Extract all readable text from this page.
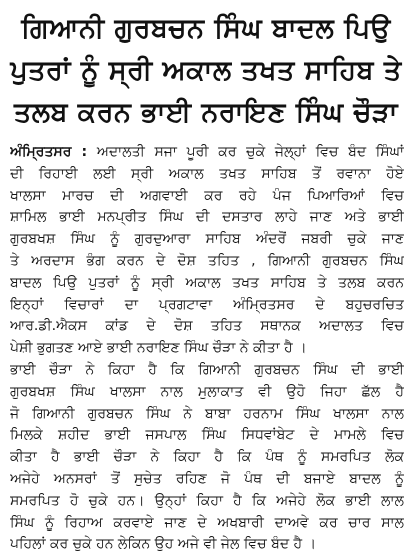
ਗਿਆਨੀ ਗੁਰਬਚਨ ਸਿੰਘ ਬਾਦਲ ਪਿਉ
ਪੁਤਰਾਂ ਨੂੰ ਸ੍ਰੀ ਅਕਾਲ ਤਖਤ ਸਾਹਿਬ ਤੇ
ਤਲਬ ਕਰਨ ਭਾਈ ਨਰਾਇਣ ਸਿੰਘ ਚੌੜਾ
ਅੰਮ੍ਰਿਤਸਰ : ਅਦਾਲਤੀ ਸਜਾ ਪੂਰੀ ਕਰ ਚੁਕੇ ਜੇਲ੍ਹਾਂ ਵਿਚ ਬੰਦ ਸਿੰਘਾਂ
ਦੀ ਰਿਹਾਈ ਲਈ ਸ੍ਰੀ ਅਕਾਲ ਤਖਤ ਸਾਹਿਬ ਤੋਂ ਰਵਾਨਾ ਹੋਏ
ਖਾਲਸਾ ਮਾਰਚ ਦੀ ਅਗਵਾਈ ਕਰ ਰਹੇ ਪੰਜ ਪਿਆਰਿਆਂ ਵਿਚ
ਸ਼ਾਮਿਲ ਭਾਈ ਮਨਪ੍ਰੀਤ ਸਿੰਘ ਦੀ ਦਸਤਾਰ ਲਾਹੇ ਜਾਣ ਅਤੇ ਭਾਈ
ਗੁਰਬਖਸ਼ ਸਿੰਘ ਨੂੰ ਗੁਰਦੁਆਰਾ ਸਾਹਿਬ ਅੰਦਰੋਂ ਜਬਰੀ ਚੁਕੇ ਜਾਣ
ਤੇ ਅਰਦਾਸ ਭੰਗ ਕਰਨ ਦੇ ਦੋਸ਼ ਤਹਿਤ , ਗਿਆਨੀ ਗੁਰਬਚਨ ਸਿੰਘ
ਬਾਦਲ ਪਿਉ ਪੁਤਰਾਂ ਨੂੰ ਸ੍ਰੀ ਅਕਾਲ ਤਖਤ ਸਾਹਿਬ ਤੇ ਤਲਬ ਕਰਨ
ਇਨ੍ਹਾਂ ਵਿਚਾਰਾਂ ਦਾ ਪ੍ਰਗਟਾਵਾ ਅੰਮ੍ਰਿਤਸਰ ਦੇ ਬਹੁਚਰਚਿਤ
ਆਰ.ਡੀ.ਐਕਸ ਕਾਂਡ ਦੇ ਦੋਸ਼ ਤਹਿਤ ਸਥਾਨਕ ਅਦਾਲਤ ਵਿਚ
ਪੇਸ਼ੀ ਭੁਗਤਣ ਆਏ ਭਾਈ ਨਰਾਇਣ ਸਿੰਘ ਚੌੜਾ ਨੇ ਕੀਤਾ ਹੈ ।
ਭਾਈ ਚੌੜਾ ਨੇ ਕਿਹਾ ਹੈ ਕਿ ਗਿਆਨੀ ਗੁਰਬਚਨ ਸਿੰਘ ਦੀ ਭਾਈ
ਗੁਰਬਖਸ਼ ਸਿੰਘ ਖਾਲਸਾ ਨਾਲ ਮੁਲਾਕਾਤ ਵੀ ਉਹੋ ਜਿਹਾ ਛੱਲ ਹੈ
ਜੋ ਗਿਆਨੀ ਗੁਰਬਚਨ ਸਿੰਘ ਨੇ ਬਾਬਾ ਹਰਨਾਮ ਸਿੰਘ ਖਾਲਸਾ ਨਾਲ
ਮਿਲਕੇ ਸ਼ਹੀਦ ਭਾਈ ਜਸਪਾਲ ਸਿੰਘ ਸਿਧਵਾਂਬੇਟ ਦੇ ਮਾਮਲੇ ਵਿਚ
ਕੀਤਾ ਹੈ ਭਾਈ ਚੌੜਾ ਨੇ ਕਿਹਾ ਹੈ ਕਿ ਪੰਥ ਨੂੰ ਸਮਰਪਿਤ ਲੋਕ
ਅਜੇਹੇ ਅਨਸਰਾਂ ਤੋਂ ਸੁਚੇਤ ਰਹਿਣ ਜੋ ਪੰਥ ਦੀ ਬਜਾਏ ਬਾਦਲ ਨੂੰ
ਸਮਰਪਿਤ ਹੋ ਚੁਕੇ ਹਨ। ਉਨ੍ਹਾਂ ਕਿਹਾ ਹੈ ਕਿ ਅਜੇਹੇ ਲੋਕ ਭਾਈ ਲਾਲ
ਸਿੰਘ ਨੂੰ ਰਿਹਾਅ ਕਰਵਾਏ ਜਾਣ ਦੇ ਅਖਬਾਰੀ ਦਾਅਵੇ ਕਰ ਚਾਰ ਸਾਲ
ਪਹਿਲਾਂ ਕਰ ਚੁਕੇ ਹਨ ਲੇਕਿਨ ਉਹ ਅਜੇ ਵੀ ਜੇਲ ਵਿਚ ਬੰਦ ਹੈ ।
